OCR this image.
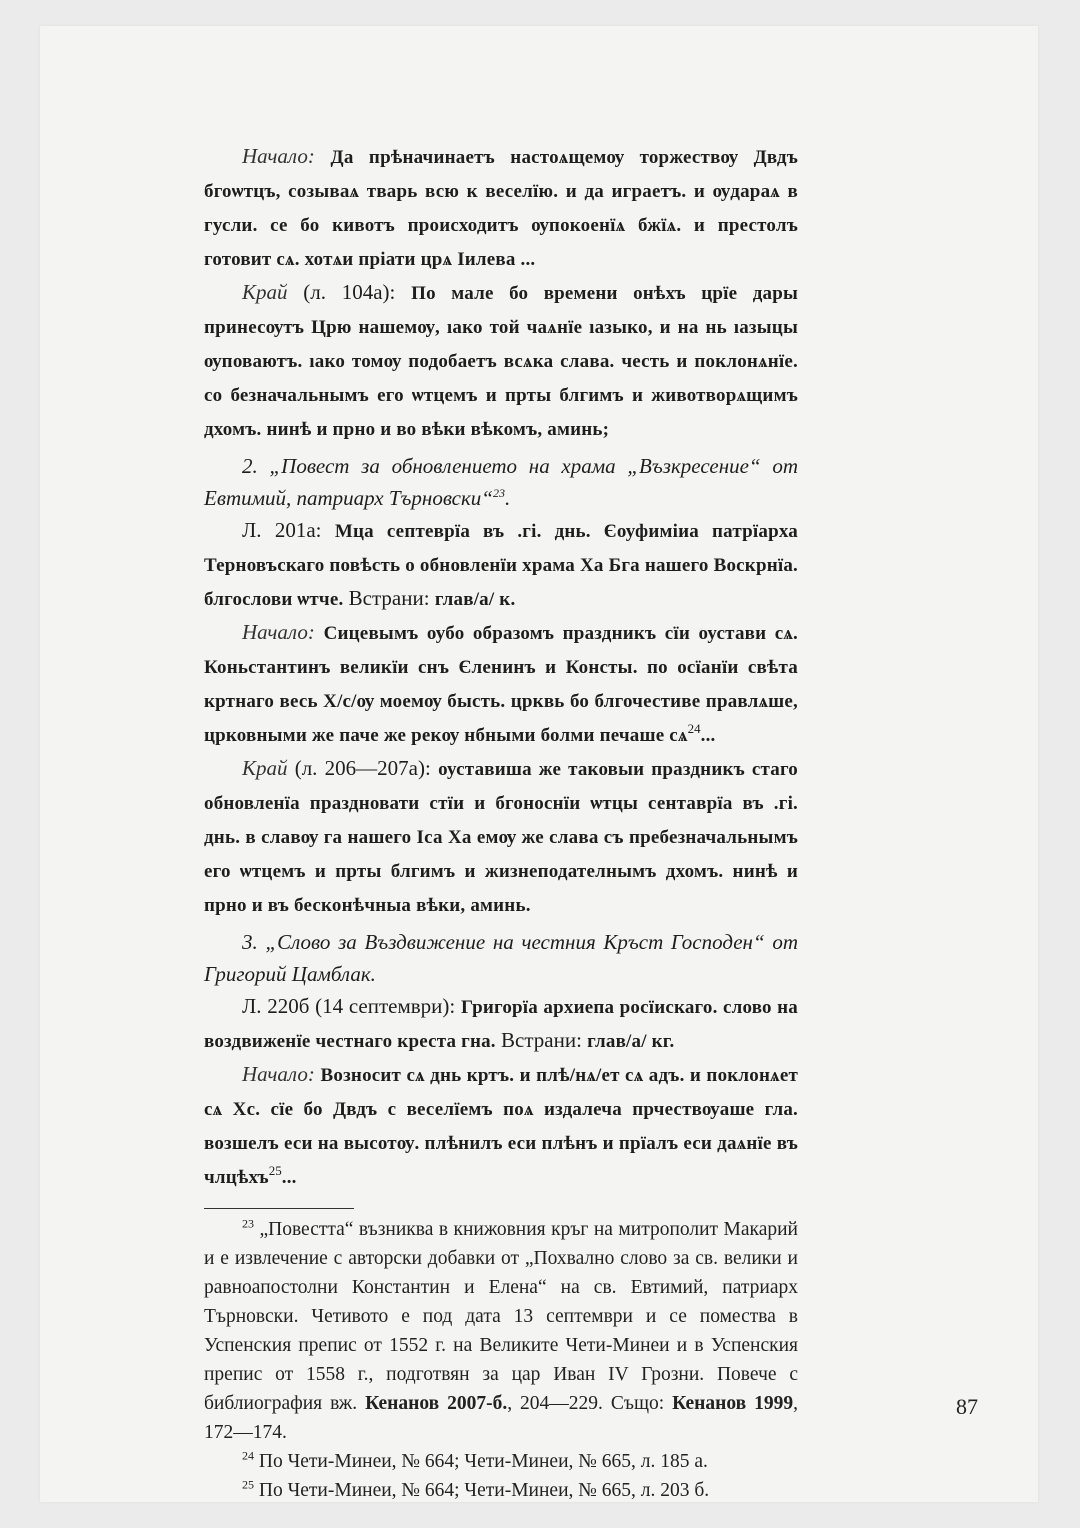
Начало: Да прѣначинаетъ настоѧщемѹ торжествѹ Двдъ бгоѡтцъ, созываѧ тварь всю к веселїю. и да играетъ. и ѹдараѧ в гусли. се бо кивотъ происходитъ ѹпокоенїѧ бжїѧ. и престолъ готовит сѧ. хотѧи пріати црѧ Іилева ...

Край (л. 104а): По мале бо времени онѣхъ црїе дары принесѹтъ Црю нашемѹ, ıако той чаѧнїе ıазыко, и на нь ıазыцы ѹповаютъ. ıако томѹ подобаетъ всѧка слава. честь и поклонѧнїе. со безначальнымъ его ѡтцемъ и прты блгимъ и животворѧщимъ дхомъ. нинѣ и прно и во вѣки вѣкомъ, аминь;

2. „Повест за обновлението на храма „Възкресение“ от Евтимий, патриарх Търновски“$^{23}$.

Л. 201а: Мца септеврїа въ .гі. днь. Єоуфиміиа патрїарха Терновъскаго повѣсть о обновленїи храма Хa Бга нашего Воскрнїа. блгослови ѡтче. Встрани: глав/а/ к.

Начало: Сицевымъ оубо образомъ праздникъ сїи оустави сѧ. Коньстантинъ великїи снъ Єленинъ и Консты. по осїанїи свѣта кртнаго весь Х/с/ѹ моемѹ бысть. црквь бо блгочестиве правлѧше, црковными же паче же рекѹ нбными болми печаше сѧ$^{24}$...

Край (л. 206—207а): оуставиша же таковыи праздникъ стаго обновленїа праздновати стїи и бгоноснїи ѡтцы сентаврїа въ .гі. днь. в славѹ га нашего Іса Ха емѹ же слава съ пребезначальнымъ его ѡтцемъ и прты блгимъ и жизнеподателнымъ дхомъ. нинѣ и прно и въ бесконѣчныа вѣки, аминь.

3. „Слово за Въздвижение на честния Кръст Господен“ от Григорий Цамблак.

Л. 220б (14 септември): Григорїа архиепа росїискаго. слово на воздвиженїе честнаго креста гна. Встрани: глав/а/ кг.

Начало: Возносит сѧ днь кртъ. и плѣ/нѧ/ет сѧ адъ. и поклонѧет сѧ Хс. сїе бо Двдъ с веселїемъ поѧ издалеча прчествѹаше гла. возшелъ еси на высотѹ. плѣнилъ еси плѣнъ и прїалъ еси даѧнїе въ члцѣхъ$^{25}$...

$^{23}$ „Повестта“ възниква в книжовния кръг на митрополит Макарий и е извлечение с авторски добавки от „Похвално слово за св. велики и равноапостолни Константин и Елена“ на св. Евтимий, патриарх Търновски. Четивото е под дата 13 септември и се помества в Успенския препис от 1552 г. на Великите Чети-Минеи и в Успенския препис от 1558 г., подготвян за цар Иван IV Грозни. Повече с библиография вж. Кенанов 2007-б., 204—229. Също: Кенанов 1999, 172—174.

$^{24}$ По Чети-Минеи, № 664; Чети-Минеи, № 665, л. 185 а.

$^{25}$ По Чети-Минеи, № 664; Чети-Минеи, № 665, л. 203 б.

87
